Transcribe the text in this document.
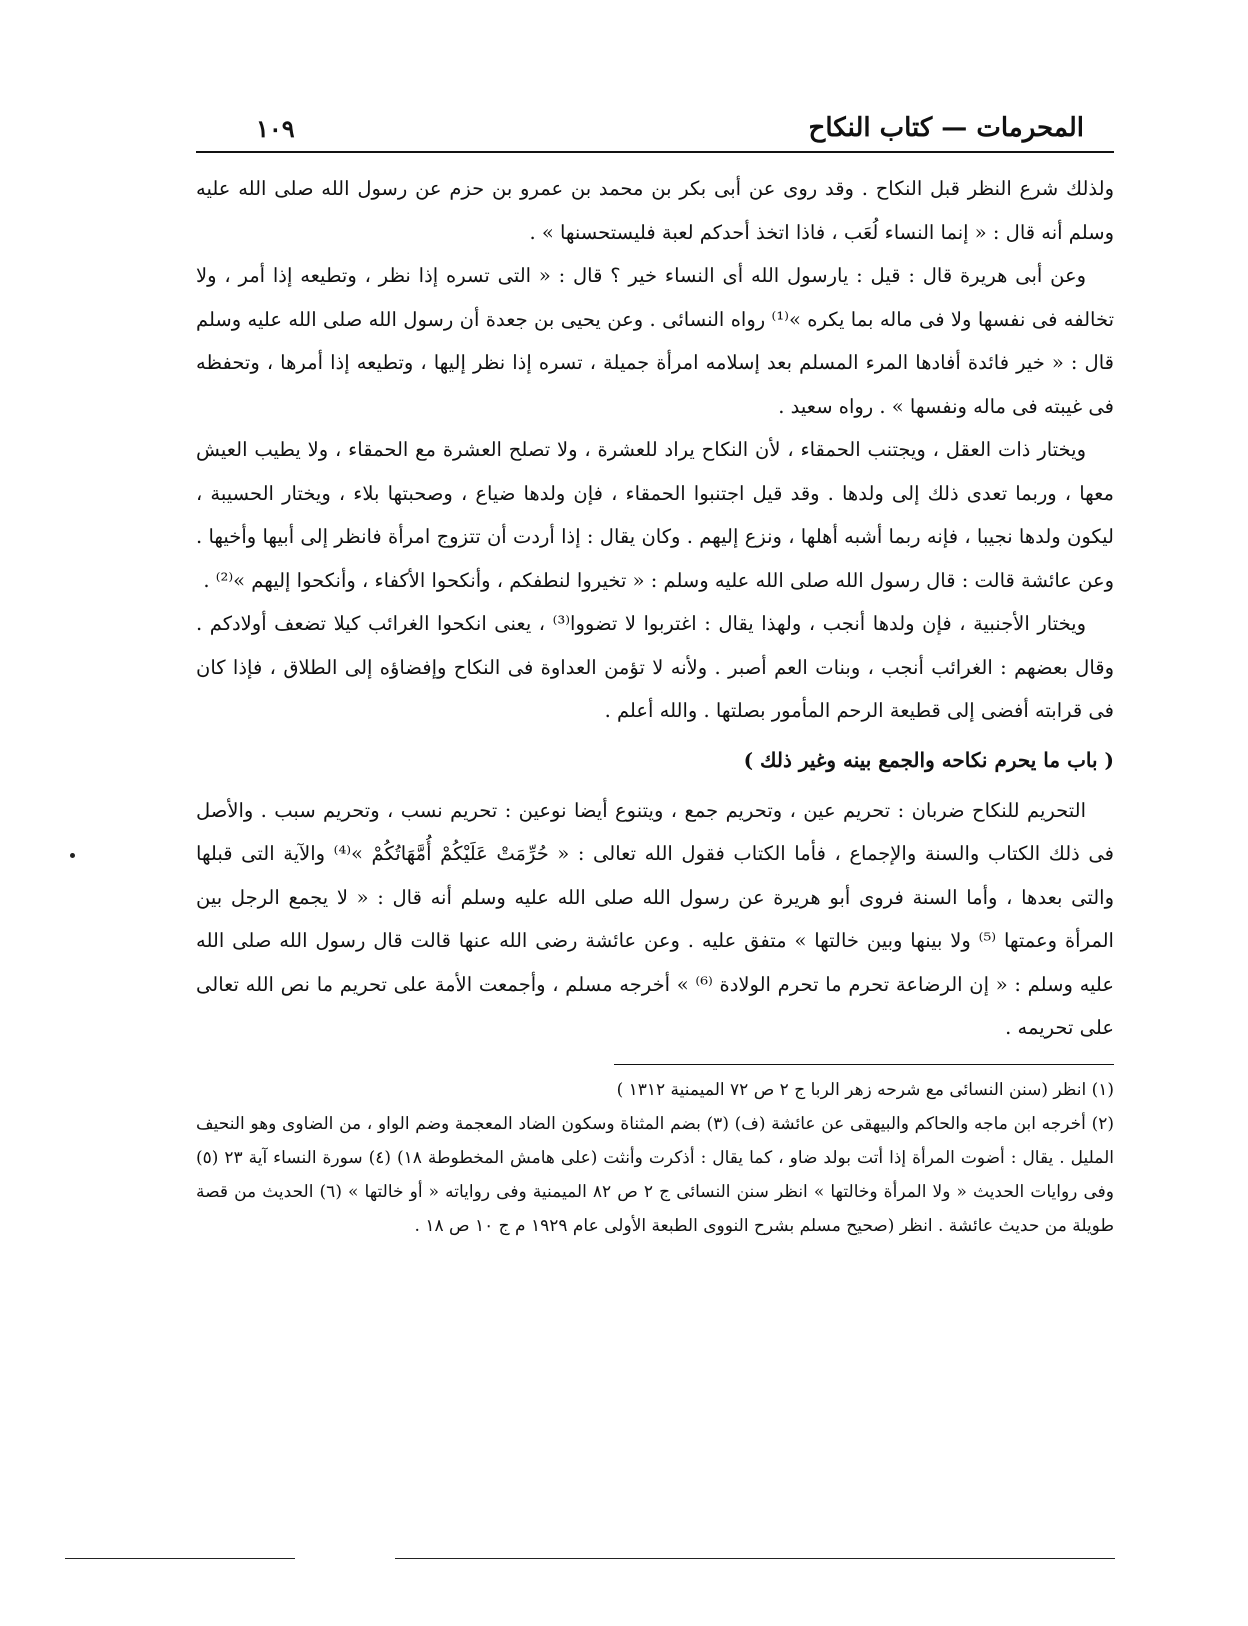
المحرمات — كتاب النكاح
١٠٩

ولذلك شرع النظر قبل النكاح . وقد روى عن أبى بكر بن محمد بن عمرو بن حزم عن رسول الله صلى الله عليه وسلم أنه قال : « إنما النساء لُعَب ، فاذا اتخذ أحدكم لعبة فليستحسنها » .

وعن أبى هريرة قال : قيل : يارسول الله أى النساء خير ؟ قال : « التى تسره إذا نظر ، وتطيعه إذا أمر ، ولا تخالفه فى نفسها ولا فى ماله بما يكره »⁽¹⁾ رواه النسائى . وعن يحيى بن جعدة أن رسول الله صلى الله عليه وسلم قال : « خير فائدة أفادها المرء المسلم بعد إسلامه امرأة جميلة ، تسره إذا نظر إليها ، وتطيعه إذا أمرها ، وتحفظه فى غيبته فى ماله ونفسها » . رواه سعيد .

ويختار ذات العقل ، ويجتنب الحمقاء ، لأن النكاح يراد للعشرة ، ولا تصلح العشرة مع الحمقاء ، ولا يطيب العيش معها ، وربما تعدى ذلك إلى ولدها . وقد قيل اجتنبوا الحمقاء ، فإن ولدها ضياع ، وصحبتها بلاء ، ويختار الحسيبة ، ليكون ولدها نجيبا ، فإنه ربما أشبه أهلها ، ونزع إليهم . وكان يقال : إذا أردت أن تتزوج امرأة فانظر إلى أبيها وأخيها . وعن عائشة قالت : قال رسول الله صلى الله عليه وسلم : « تخيروا لنطفكم ، وأنكحوا الأكفاء ، وأنكحوا إليهم »⁽²⁾ .

ويختار الأجنبية ، فإن ولدها أنجب ، ولهذا يقال : اغتربوا لا تضووا⁽³⁾ ، يعنى انكحوا الغرائب كيلا تضعف أولادكم . وقال بعضهم : الغرائب أنجب ، وبنات العم أصبر . ولأنه لا تؤمن العداوة فى النكاح وإفضاؤه إلى الطلاق ، فإذا كان فى قرابته أفضى إلى قطيعة الرحم المأمور بصلتها . والله أعلم .

( باب ما يحرم نكاحه والجمع بينه وغير ذلك )

التحريم للنكاح ضربان : تحريم عين ، وتحريم جمع ، ويتنوع أيضا نوعين : تحريم نسب ، وتحريم سبب . والأصل فى ذلك الكتاب والسنة والإجماع ، فأما الكتاب فقول الله تعالى : « حُرِّمَتْ عَلَيْكُمْ أُمَّهَاتُكُمْ »⁽⁴⁾ والآية التى قبلها والتى بعدها ، وأما السنة فروى أبو هريرة عن رسول الله صلى الله عليه وسلم أنه قال : « لا يجمع الرجل بين المرأة وعمتها ⁽⁵⁾ ولا بينها وبين خالتها » متفق عليه . وعن عائشة رضى الله عنها قالت قال رسول الله صلى الله عليه وسلم : « إن الرضاعة تحرم ما تحرم الولادة ⁽⁶⁾ » أخرجه مسلم ، وأجمعت الأمة على تحريم ما نص الله تعالى على تحريمه .

(١) انظر (سنن النسائى مع شرحه زهر الربا ج ٢ ص ٧٢ الميمنية ١٣١٢ )

(٢) أخرجه ابن ماجه والحاكم والبيهقى عن عائشة (ف) (٣) بضم المثناة وسكون الضاد المعجمة وضم الواو ، من الضاوى وهو النحيف المليل . يقال : أضوت المرأة إذا أتت بولد ضاو ، كما يقال : أذكرت وأنثت (على هامش المخطوطة ١٨) (٤) سورة النساء آية ٢٣ (٥) وفى روايات الحديث « ولا المرأة وخالتها » انظر سنن النسائى ج ٢ ص ٨٢ الميمنية وفى رواياته « أو خالتها » (٦) الحديث من قصة طويلة من حديث عائشة . انظر (صحيح مسلم بشرح النووى الطبعة الأولى عام ١٩٢٩ م ج ١٠ ص ١٨ .
